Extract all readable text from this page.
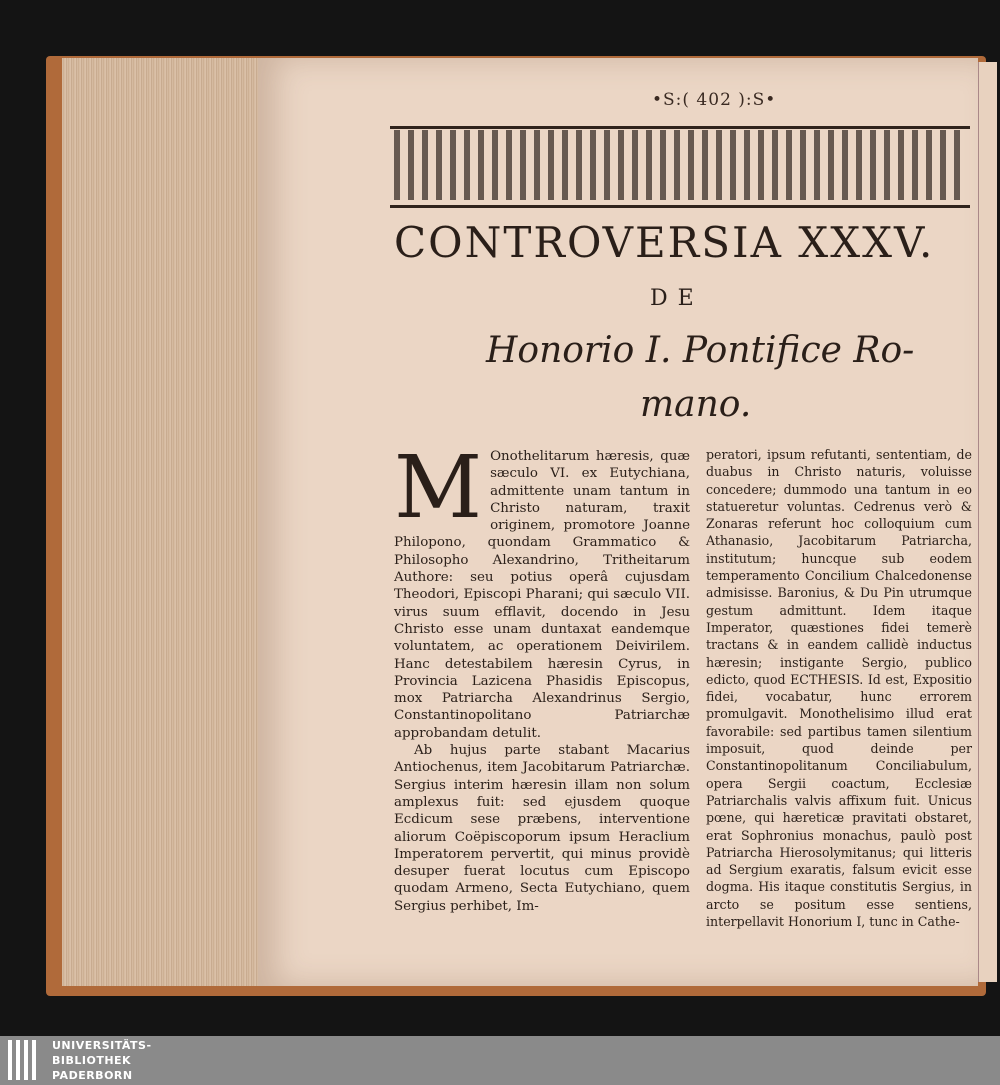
•S:( 402 ):S•
CONTROVERSIA XXXV.
DE
Honorio I. Pontifice Ro-
mano.

M Onothelitarum hæresis, quæ sæculo VI. ex Eutychiana, admittente unam tantum in Christo naturam, traxit originem, promotore Joanne Philopono, quondam Grammatico & Philosopho Alexandrino, Tritheitarum Authore: seu potius operâ cujusdam Theodori, Episcopi Pharani; qui sæculo VII. virus suum efflavit, docendo in Jesu Christo esse unam duntaxat eandemque voluntatem, ac operationem Deivirilem. Hanc detestabilem hæresin Cyrus, in Provincia Lazicena Phasidis Episcopus, mox Patriarcha Alexandrinus Sergio, Constantinopolitano Patriarchæ approbandam detulit.

Ab hujus parte stabant Macarius Antiochenus, item Jacobitarum Patriarchæ. Sergius interim hæresin illam non solum amplexus fuit: sed ejusdem quoque Ecdicum sese præbens, interventione aliorum Coëpiscoporum ipsum Heraclium Imperatorem pervertit, qui minus providè desuper fuerat locutus cum Episcopo quodam Armeno, Secta Eutychiano, quem Sergius perhibet, Im-

peratori, ipsum refutanti, sententiam, de duabus in Christo naturis, voluisse concedere; dummodo una tantum in eo statueretur voluntas. Cedrenus verò & Zonaras referunt hoc colloquium cum Athanasio, Jacobitarum Patriarcha, institutum; huncque sub eodem temperamento Concilium Chalcedonense admisisse. Baronius, & Du Pin utrumque gestum admittunt. Idem itaque Imperator, quæstiones fidei temerè tractans & in eandem callidè inductus hæresin; instigante Sergio, publico edicto, quod ECTHESIS. Id est, Expositio fidei, vocabatur, hunc errorem promulgavit. Monothelisimo illud erat favorabile: sed partibus tamen silentium imposuit, quod deinde per Constantinopolitanum Conciliabulum, opera Sergii coactum, Ecclesiæ Patriarchalis valvis affixum fuit. Unicus pœne, qui hæreticæ pravitati obstaret, erat Sophronius monachus, paulò post Patriarcha Hierosolymitanus; qui litteris ad Sergium exaratis, falsum evicit esse dogma. His itaque constitutis Sergius, in arcto se positum esse sentiens, interpellavit Honorium I, tunc in Cathe-

UNIVERSITÄTS-
BIBLIOTHEK
PADERBORN
